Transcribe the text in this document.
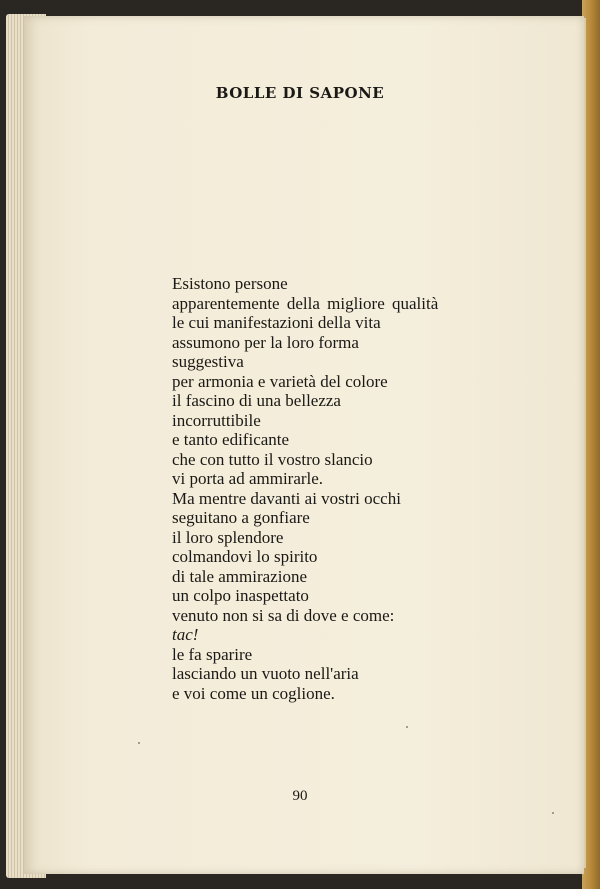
BOLLE DI SAPONE
Esistono persone
apparentemente della migliore qualità
le cui manifestazioni della vita
assumono per la loro forma
suggestiva
per armonia e varietà del colore
il fascino di una bellezza
incorruttibile
e tanto edificante
che con tutto il vostro slancio
vi porta ad ammirarle.
Ma mentre davanti ai vostri occhi
seguitano a gonfiare
il loro splendore
colmandovi lo spirito
di tale ammirazione
un colpo inaspettato
venuto non si sa di dove e come:
tac!
le fa sparire
lasciando un vuoto nell'aria
e voi come un coglione.
90
